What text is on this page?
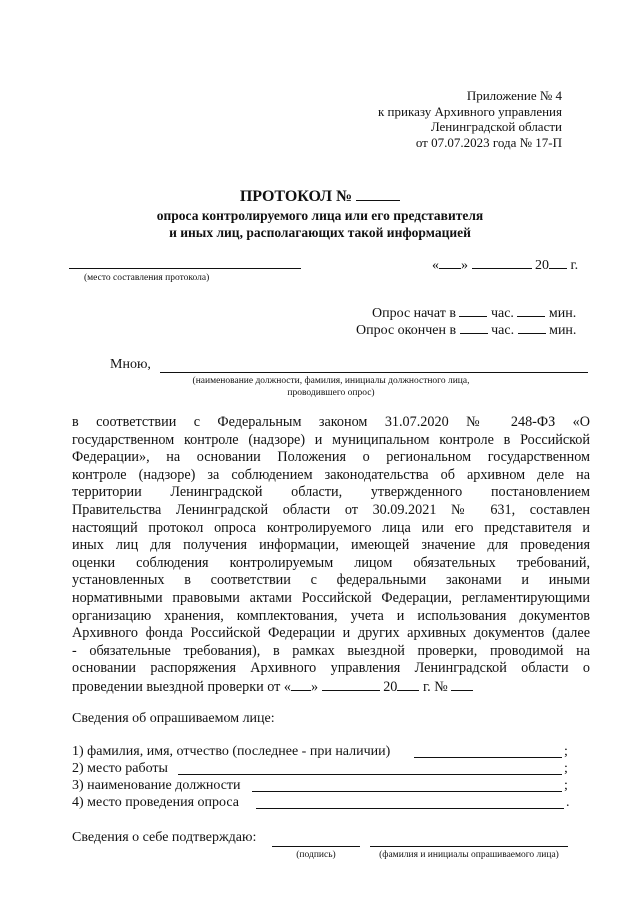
Приложение № 4
к приказу Архивного управления
Ленинградской области
от 07.07.2023 года № 17-П
ПРОТОКОЛ №
опроса контролируемого лица или его представителя
и иных лиц, располагающих такой информацией
(место составления протокола)
« »	20 г.
Опрос начат в	час.	мин.
Опрос окончен в	час.	мин.
Мною,
(наименование должности, фамилия, инициалы должностного лица,
проводившего опрос)
в соответствии с Федеральным законом 31.07.2020 № 248-ФЗ «О
государственном контроле (надзоре) и муниципальном контроле в Российской
Федерации», на основании Положения о региональном государственном
контроле (надзоре) за соблюдением законодательства об архивном деле на
территории Ленинградской области, утвержденного постановлением
Правительства Ленинградской области от 30.09.2021 № 631, составлен
настоящий протокол опроса контролируемого лица или его представителя и
иных лиц для получения информации, имеющей значение для проведения
оценки соблюдения контролируемым лицом обязательных требований,
установленных в соответствии с федеральными законами и иными
нормативными правовыми актами Российской Федерации, регламентирующими
организацию хранения, комплектования, учета и использования документов
Архивного фонда Российской Федерации и других архивных документов (далее
- обязательные требования), в рамках выездной проверки, проводимой на
основании распоряжения Архивного управления Ленинградской области о
проведении выездной проверки от « »	20 г. №
Сведения об опрашиваемом лице:
1) фамилия, имя, отчество (последнее - при наличии)	;
2) место работы	;
3) наименование должности	;
4) место проведения опроса	.
Сведения о себе подтверждаю:
(подпись)	(фамилия и инициалы опрашиваемого лица)
